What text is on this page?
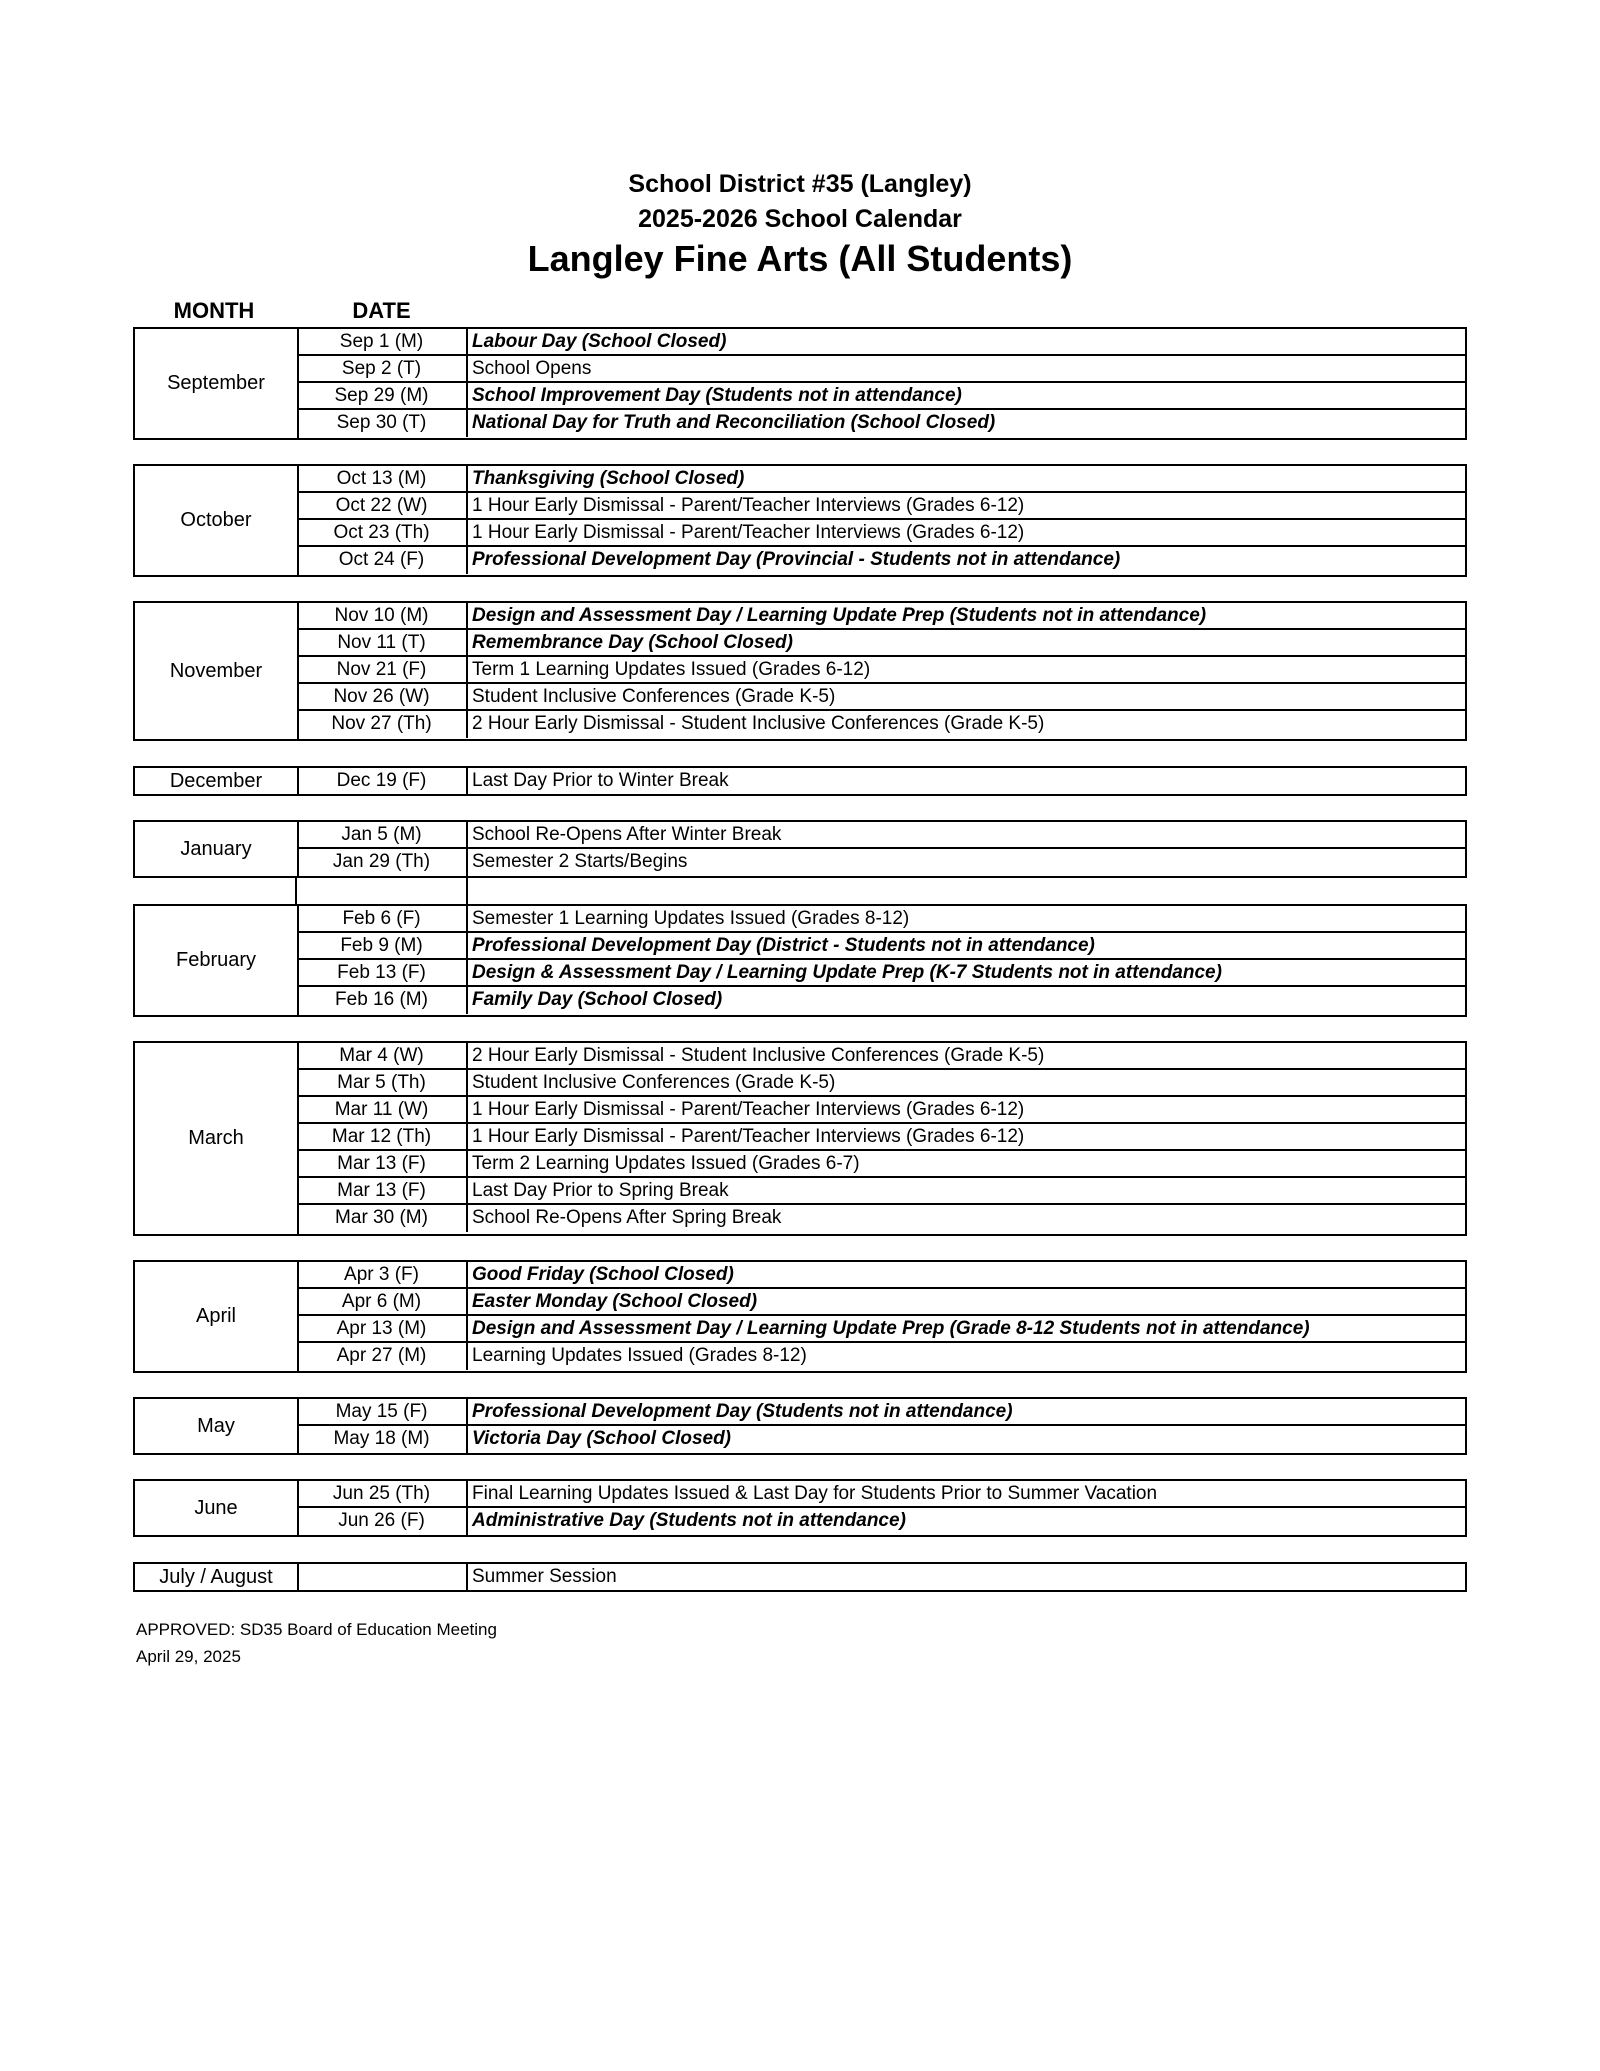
School District #35 (Langley)
2025-2026 School Calendar
Langley Fine Arts (All Students)
MONTH	DATE
September
Sep 1 (M)	Labour Day (School Closed)
Sep 2 (T)	School Opens
Sep 29 (M)	School Improvement Day (Students not in attendance)
Sep 30 (T)	National Day for Truth and Reconciliation (School Closed)
October
Oct 13 (M)	Thanksgiving (School Closed)
Oct 22 (W)	1 Hour Early Dismissal - Parent/Teacher Interviews (Grades 6-12)
Oct 23 (Th)	1 Hour Early Dismissal - Parent/Teacher Interviews (Grades 6-12)
Oct 24 (F)	Professional Development Day (Provincial - Students not in attendance)
November
Nov 10 (M)	Design and Assessment Day / Learning Update Prep (Students not in attendance)
Nov 11 (T)	Remembrance Day (School Closed)
Nov 21 (F)	Term 1 Learning Updates Issued (Grades 6-12)
Nov 26 (W)	Student Inclusive Conferences (Grade K-5)
Nov 27 (Th)	2 Hour Early Dismissal - Student Inclusive Conferences (Grade K-5)
December	Dec 19 (F)	Last Day Prior to Winter Break
January
Jan 5 (M)	School Re-Opens After Winter Break
Jan 29 (Th)	Semester 2 Starts/Begins
February
Feb 6 (F)	Semester 1 Learning Updates Issued (Grades 8-12)
Feb 9 (M)	Professional Development Day (District - Students not in attendance)
Feb 13 (F)	Design & Assessment Day / Learning Update Prep (K-7 Students not in attendance)
Feb 16 (M)	Family Day (School Closed)
March
Mar 4 (W)	2 Hour Early Dismissal - Student Inclusive Conferences (Grade K-5)
Mar 5 (Th)	Student Inclusive Conferences (Grade K-5)
Mar 11 (W)	1 Hour Early Dismissal - Parent/Teacher Interviews (Grades 6-12)
Mar 12 (Th)	1 Hour Early Dismissal - Parent/Teacher Interviews (Grades 6-12)
Mar 13 (F)	Term 2 Learning Updates Issued (Grades 6-7)
Mar 13 (F)	Last Day Prior to Spring Break
Mar 30 (M)	School Re-Opens After Spring Break
April
Apr 3 (F)	Good Friday (School Closed)
Apr 6 (M)	Easter Monday (School Closed)
Apr 13 (M)	Design and Assessment Day / Learning Update Prep (Grade 8-12 Students not in attendance)
Apr 27 (M)	Learning Updates Issued (Grades 8-12)
May
May 15 (F)	Professional Development Day (Students not in attendance)
May 18 (M)	Victoria Day (School Closed)
June
Jun 25 (Th)	Final Learning Updates Issued & Last Day for Students Prior to Summer Vacation
Jun 26 (F)	Administrative Day (Students not in attendance)
July / August	Summer Session
APPROVED: SD35 Board of Education Meeting
April 29, 2025
